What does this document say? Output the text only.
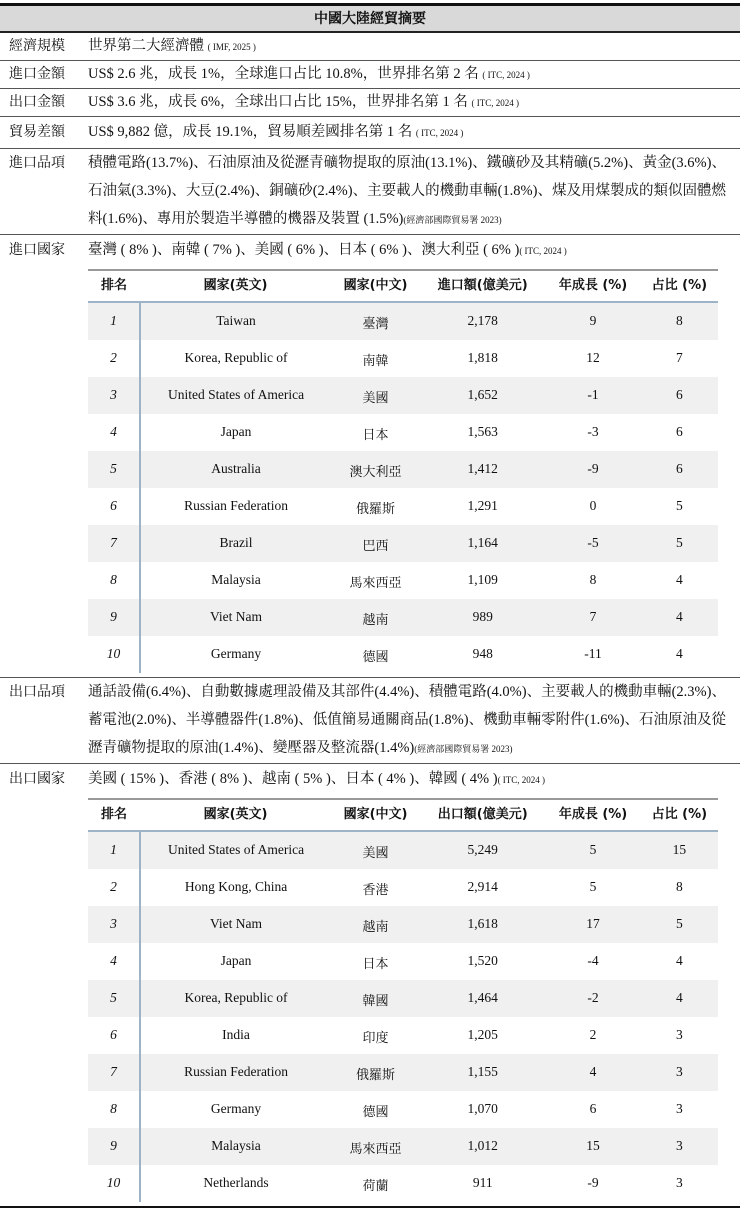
中國大陸經貿摘要
經濟規模	世界第二大經濟體 ( IMF, 2025 )
進口金額	US$ 2.6 兆，成長 1%，全球進口占比 10.8%，世界排名第 2 名 ( ITC, 2024 )
出口金額	US$ 3.6 兆，成長 6%，全球出口占比 15%，世界排名第 1 名 ( ITC, 2024 )
貿易差額	US$ 9,882 億，成長 19.1%，貿易順差國排名第 1 名 ( ITC, 2024 )
進口品項	積體電路(13.7%)、石油原油及從瀝青礦物提取的原油(13.1%)、鐵礦砂及其精礦(5.2%)、黃金(3.6%)、石油氣(3.3%)、大豆(2.4%)、銅礦砂(2.4%)、主要載人的機動車輛(1.8%)、煤及用煤製成的類似固體燃料(1.6%)、專用於製造半導體的機器及裝置 (1.5%)(經濟部國際貿易署 2023)
進口國家	臺灣 ( 8% )、南韓 ( 7% )、美國 ( 6% )、日本 ( 6% )、澳大利亞 ( 6% )( ITC, 2024 )
排名	國家(英文)	國家(中文)	進口額(億美元)	年成長 (%)	占比 (%)
1	Taiwan	臺灣	2,178	9	8
2	Korea, Republic of	南韓	1,818	12	7
3	United States of America	美國	1,652	-1	6
4	Japan	日本	1,563	-3	6
5	Australia	澳大利亞	1,412	-9	6
6	Russian Federation	俄羅斯	1,291	0	5
7	Brazil	巴西	1,164	-5	5
8	Malaysia	馬來西亞	1,109	8	4
9	Viet Nam	越南	989	7	4
10	Germany	德國	948	-11	4
出口品項	通話設備(6.4%)、自動數據處理設備及其部件(4.4%)、積體電路(4.0%)、主要載人的機動車輛(2.3%)、蓄電池(2.0%)、半導體器件(1.8%)、低值簡易通關商品(1.8%)、機動車輛零附件(1.6%)、石油原油及從瀝青礦物提取的原油(1.4%)、變壓器及整流器(1.4%)(經濟部國際貿易署 2023)
出口國家	美國 ( 15% )、香港 ( 8% )、越南 ( 5% )、日本 ( 4% )、韓國 ( 4% )( ITC, 2024 )
排名	國家(英文)	國家(中文)	出口額(億美元)	年成長 (%)	占比 (%)
1	United States of America	美國	5,249	5	15
2	Hong Kong, China	香港	2,914	5	8
3	Viet Nam	越南	1,618	17	5
4	Japan	日本	1,520	-4	4
5	Korea, Republic of	韓國	1,464	-2	4
6	India	印度	1,205	2	3
7	Russian Federation	俄羅斯	1,155	4	3
8	Germany	德國	1,070	6	3
9	Malaysia	馬來西亞	1,012	15	3
10	Netherlands	荷蘭	911	-9	3
